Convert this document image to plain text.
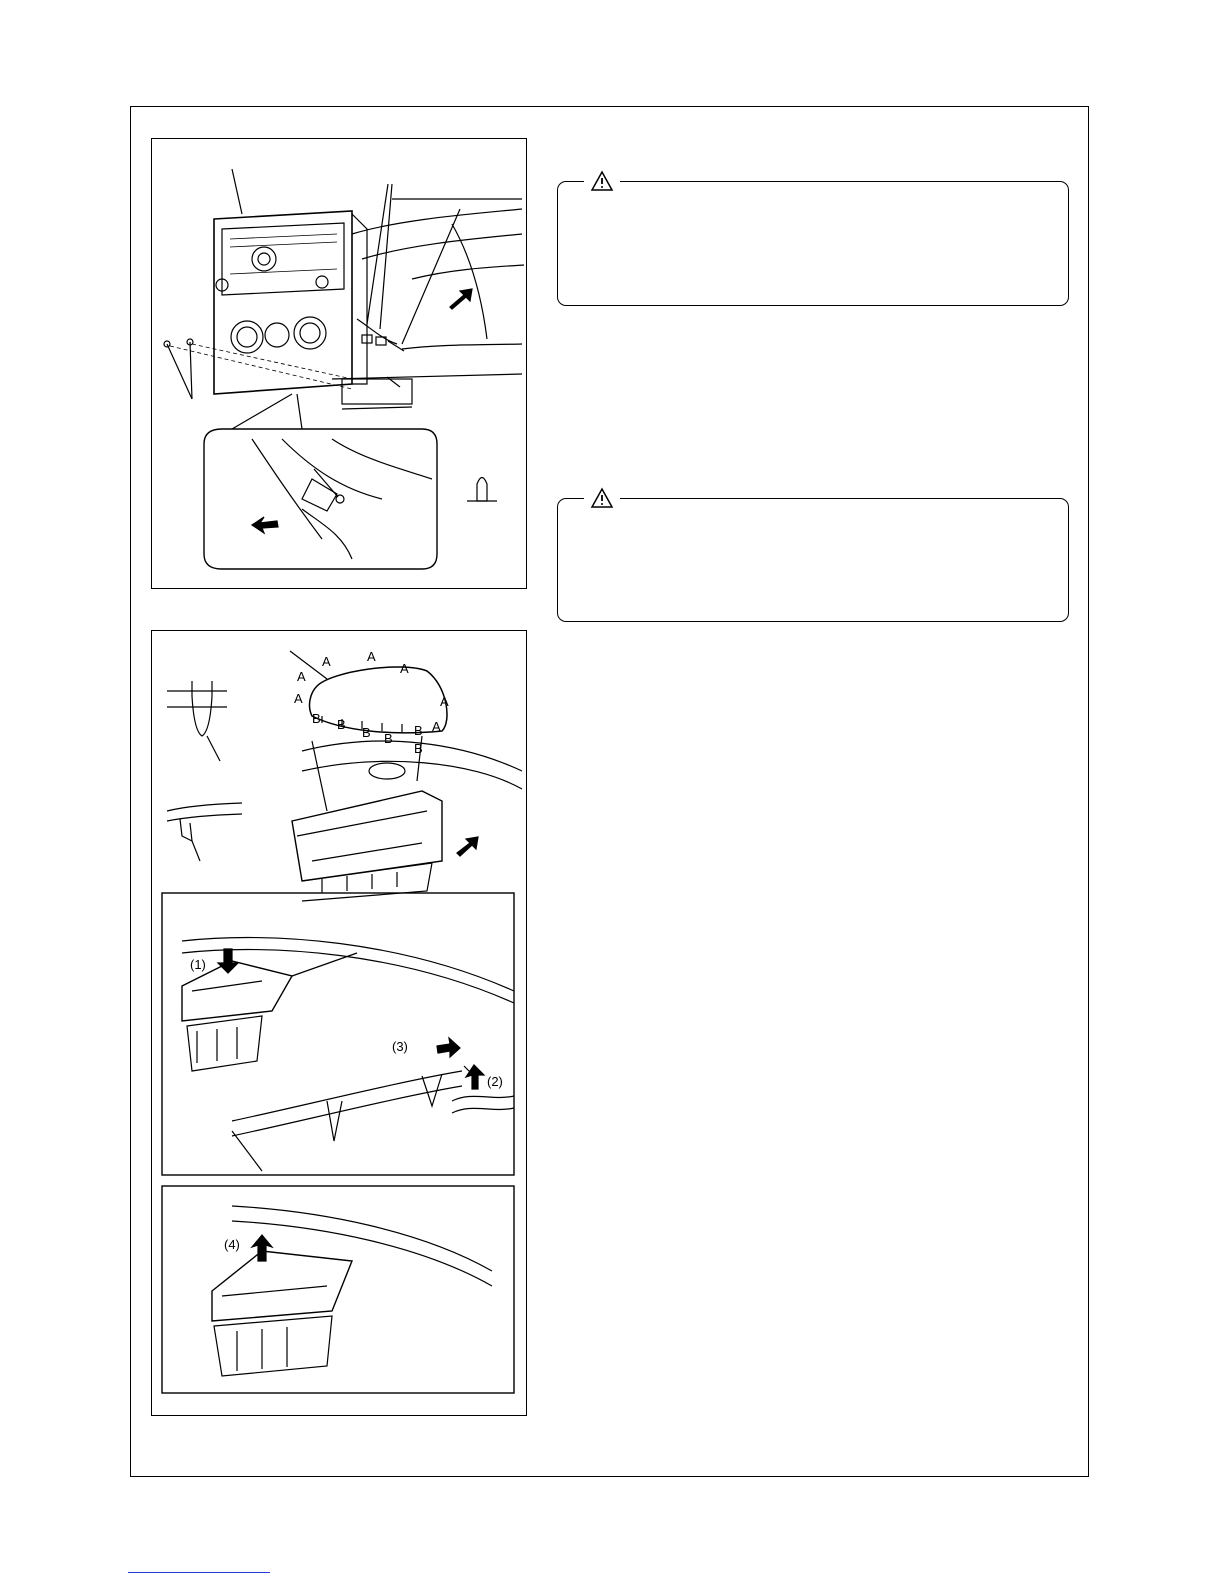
A
A	A
A
A
A
A
B B
B B
B
B
(1)
(3)
(2)
(4)
